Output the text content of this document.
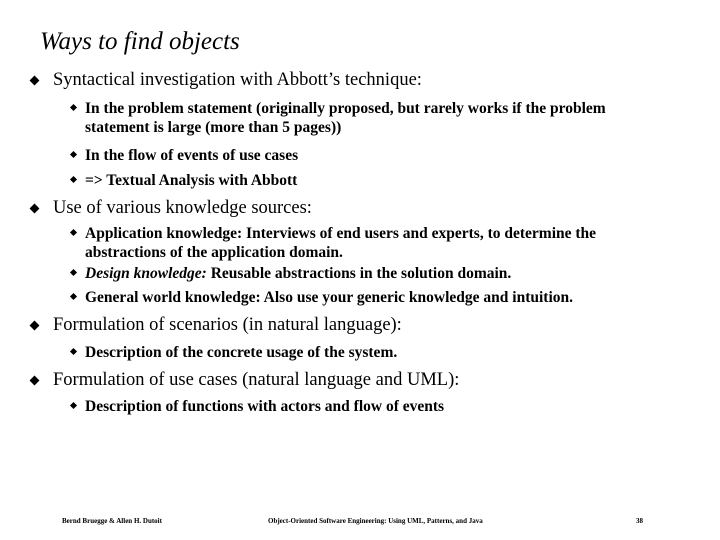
Ways to find objects
Syntactical investigation with Abbott’s technique:
In the problem statement (originally proposed, but rarely works if the problem
statement is large (more than 5 pages))
In the flow of events of use cases
=> Textual Analysis with Abbott
Use of various knowledge sources:
Application knowledge: Interviews of end users and experts, to determine the
abstractions of the application domain.
Design knowledge: Reusable abstractions in the solution domain.
General world knowledge: Also use your generic knowledge and intuition.
Formulation of scenarios (in natural language):
Description of the concrete usage of the system.
Formulation of use cases (natural language and UML):
Description of functions with actors and flow of events
Bernd Bruegge & Allen H. Dutoit	Object-Oriented Software Engineering: Using UML, Patterns, and Java	38
